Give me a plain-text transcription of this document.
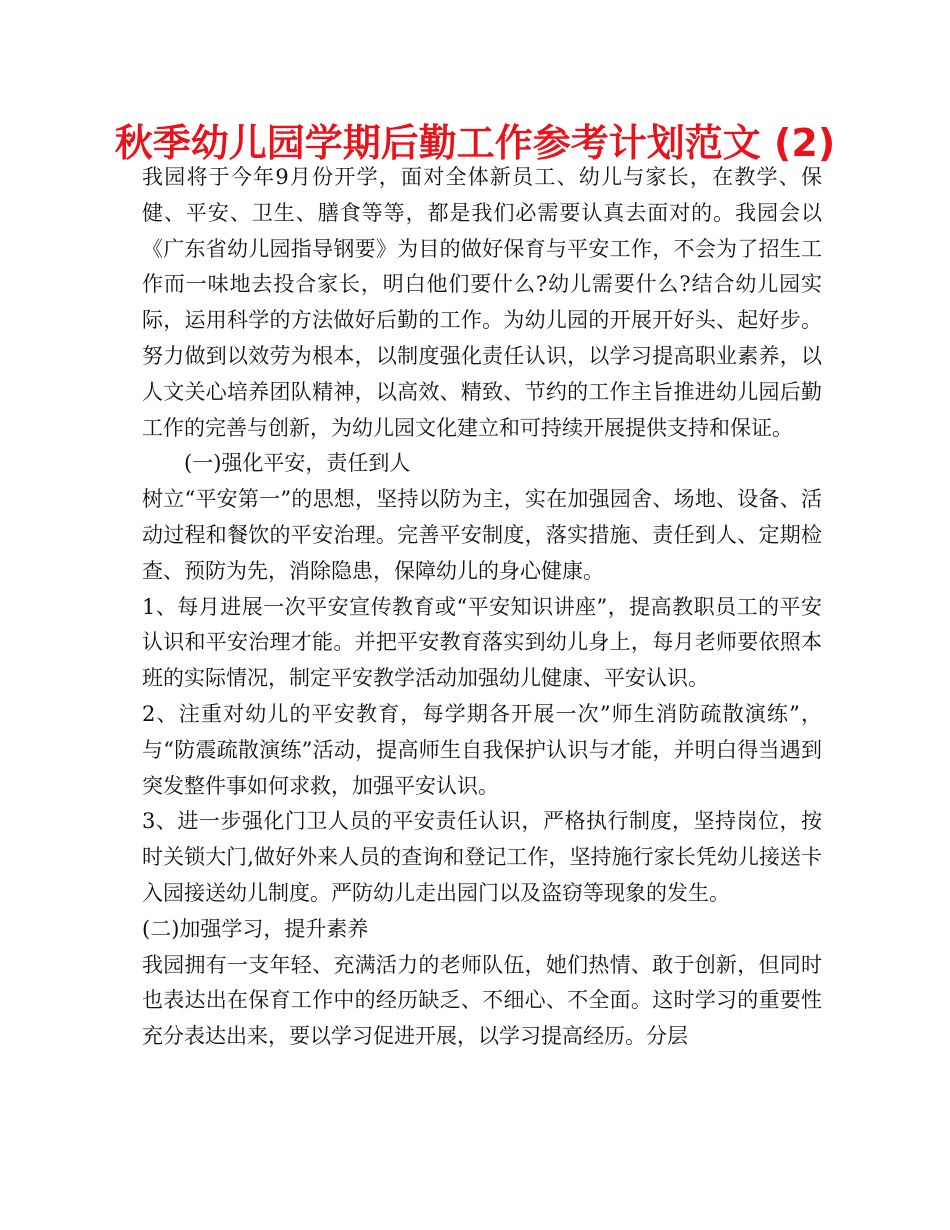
秋季幼儿园学期后勤工作参考计划范文 (2)

我园将于今年9月份开学，面对全体新员工、幼儿与家长，在教学、保健、平安、卫生、膳食等等，都是我们必需要认真去面对的。我园会以《广东省幼儿园指导钢要》为目的做好保育与平安工作，不会为了招生工作而一味地去投合家长，明白他们要什么?幼儿需要什么?结合幼儿园实际，运用科学的方法做好后勤的工作。为幼儿园的开展开好头、起好步。努力做到以效劳为根本，以制度强化责任认识，以学习提高职业素养，以人文关心培养团队精神，以高效、精致、节约的工作主旨推进幼儿园后勤工作的完善与创新，为幼儿园文化建立和可持续开展提供支持和保证。

(一)强化平安，责任到人

树立“平安第一”的思想，坚持以防为主，实在加强园舍、场地、设备、活动过程和餐饮的平安治理。完善平安制度，落实措施、责任到人、定期检查、预防为先，消除隐患，保障幼儿的身心健康。

1、每月进展一次平安宣传教育或“平安知识讲座”，提高教职员工的平安认识和平安治理才能。并把平安教育落实到幼儿身上，每月老师要依照本班的实际情况，制定平安教学活动加强幼儿健康、平安认识。

2、注重对幼儿的平安教育，每学期各开展一次”师生消防疏散演练”，与“防震疏散演练”活动，提高师生自我保护认识与才能，并明白得当遇到突发整件事如何求救，加强平安认识。

3、进一步强化门卫人员的平安责任认识，严格执行制度，坚持岗位，按时关锁大门,做好外来人员的查询和登记工作，坚持施行家长凭幼儿接送卡入园接送幼儿制度。严防幼儿走出园门以及盗窃等现象的发生。

(二)加强学习，提升素养

我园拥有一支年轻、充满活力的老师队伍，她们热情、敢于创新，但同时也表达出在保育工作中的经历缺乏、不细心、不全面。这时学习的重要性充分表达出来，要以学习促进开展，以学习提高经历。分层
